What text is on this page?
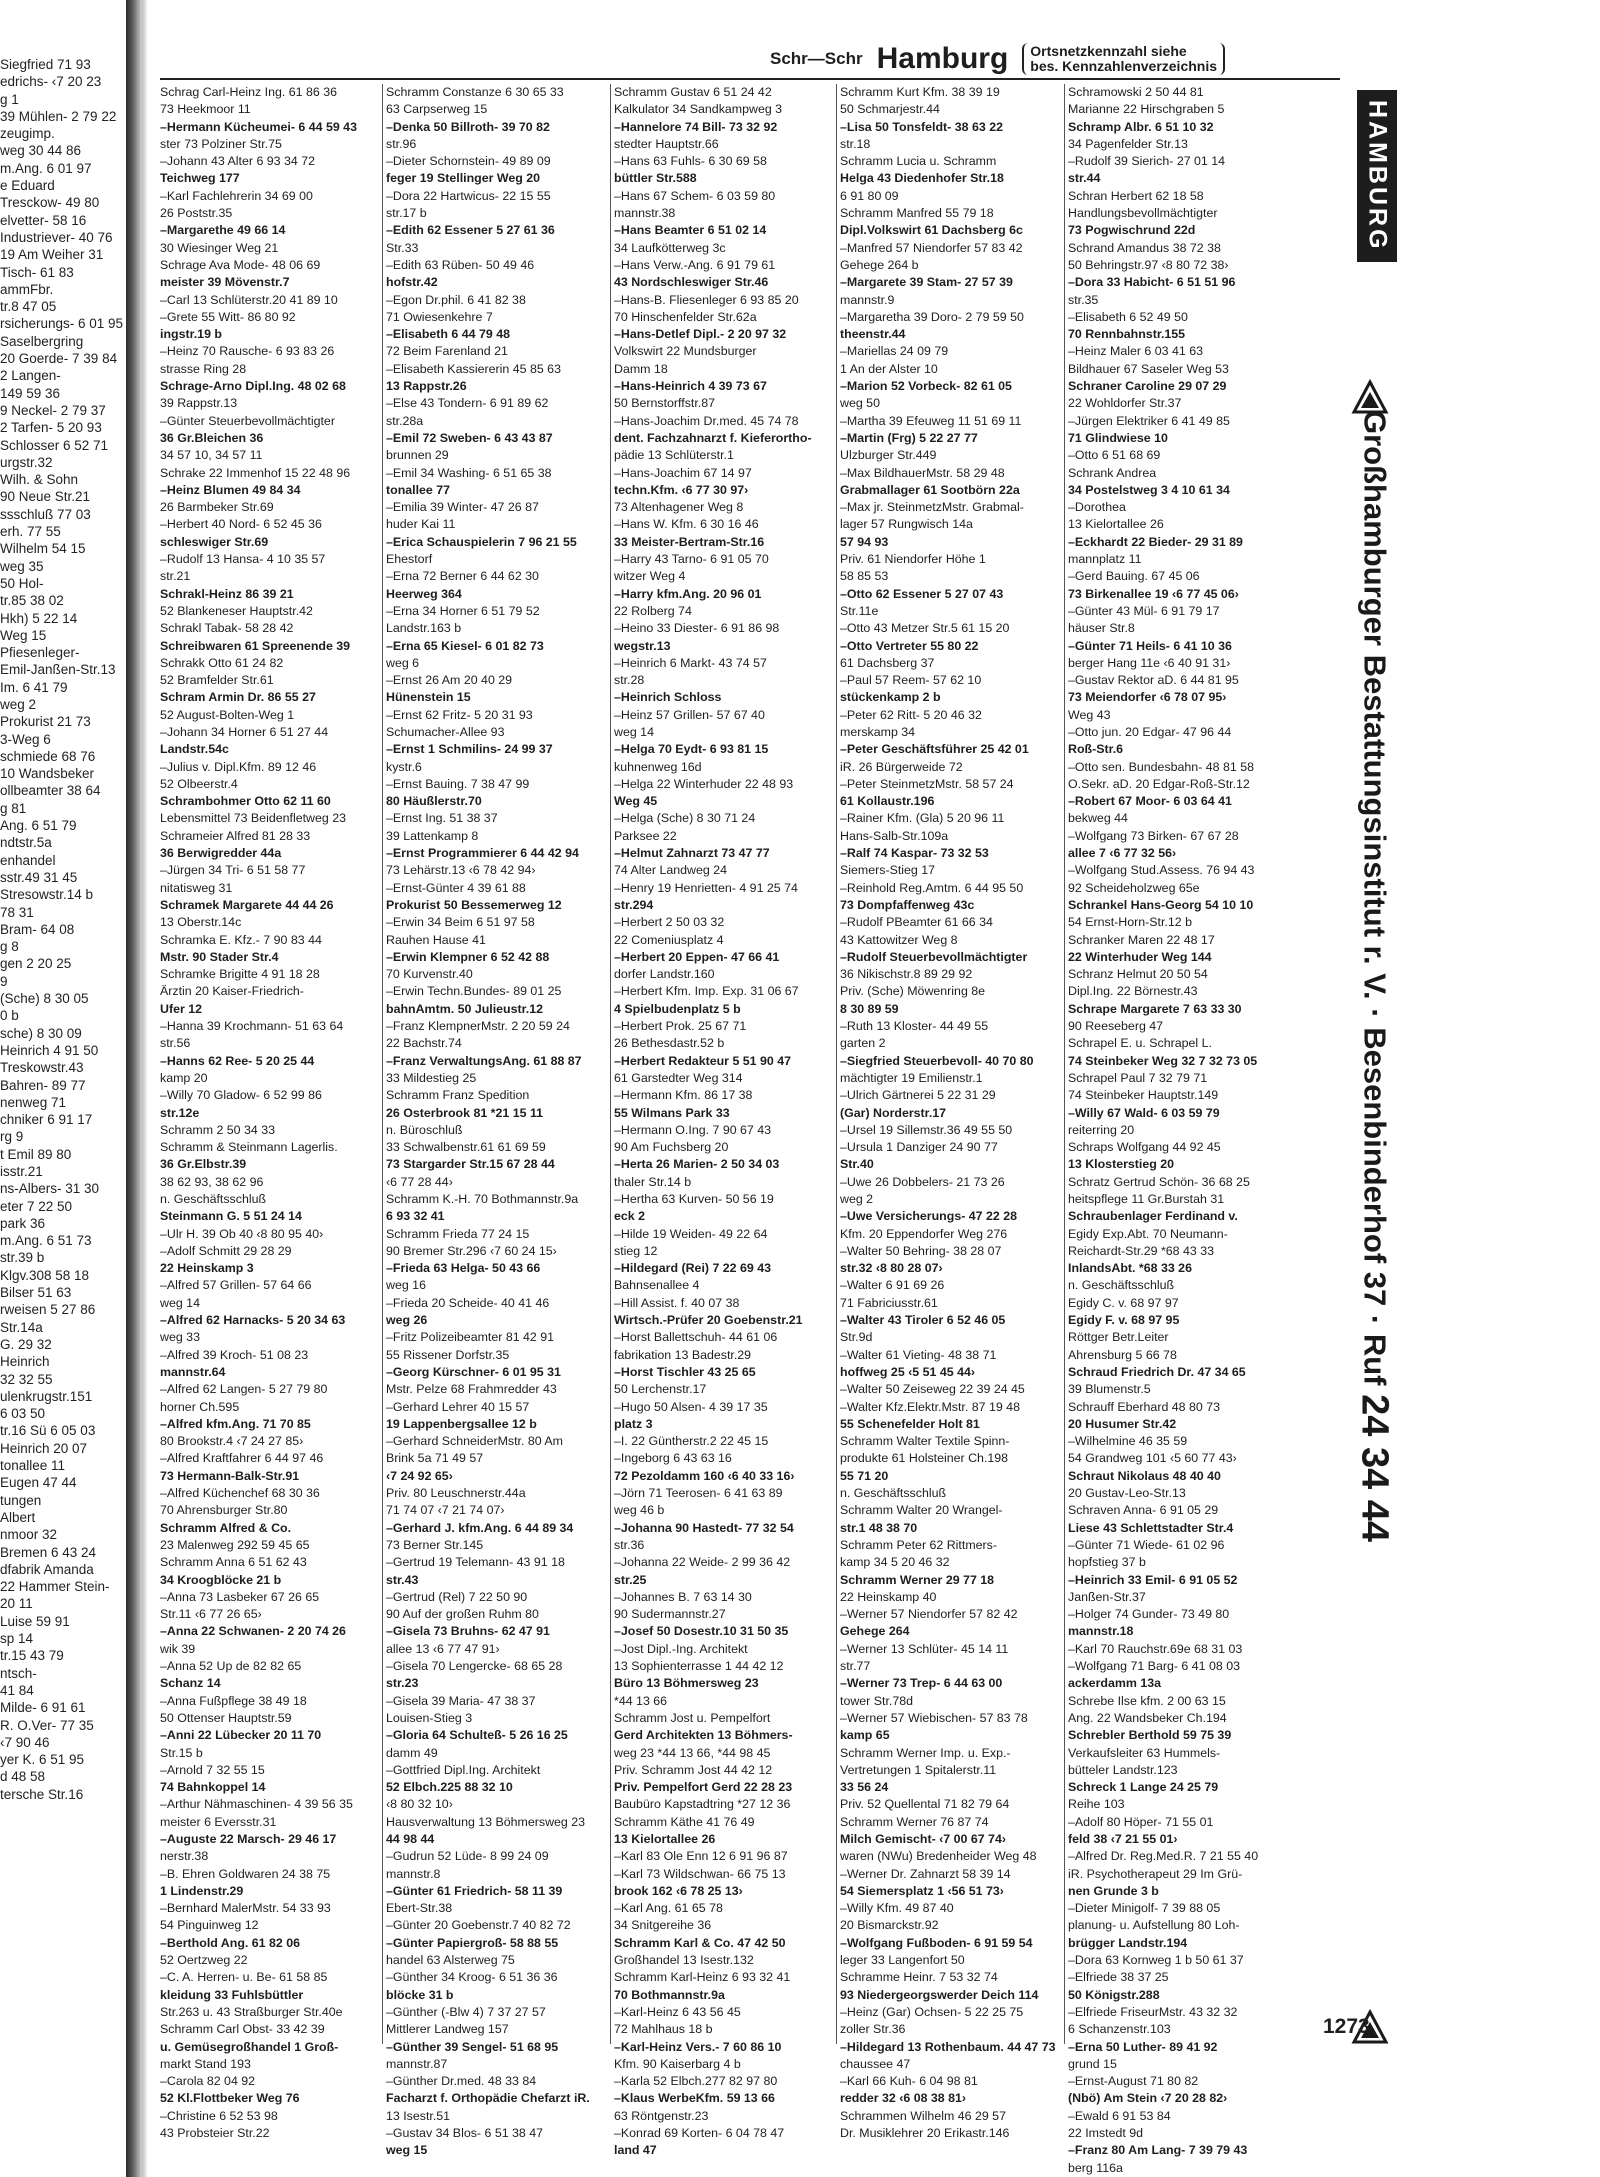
Siegfried 71 93
edrichs- ‹7 20 23
g 1
39 Mühlen- 2 79 22
zeugimp.
weg 30 44 86
m.Ang. 6 01 97
e Eduard
Tresckow- 49 80
elvetter- 58 16
Industriever- 40 76
19 Am Weiher 31
Tisch- 61 83
ammFbr.
tr.8 47 05
rsicherungs- 6 01 95
Saselbergring
20 Goerde- 7 39 84
2 Langen-
149 59 36
9 Neckel- 2 79 37
2 Tarfen- 5 20 93
Schlosser 6 52 71
urgstr.32
Wilh. & Sohn
90 Neue Str.21
ssschluß 77 03
erh. 77 55
Wilhelm 54 15
weg 35
50 Hol-
tr.85 38 02
Hkh) 5 22 14
Weg 15
Pfiesenleger-
Emil-Janßen-Str.13
Im. 6 41 79
weg 2
Prokurist 21 73
3-Weg 6
schmiede 68 76
10 Wandsbeker
ollbeamter 38 64
g 81
Ang. 6 51 79
ndtstr.5a
enhandel
sstr.49 31 45
Stresowstr.14 b
78 31
Bram- 64 08
g 8
gen 2 20 25
9
(Sche) 8 30 05
0 b
sche) 8 30 09
Heinrich 4 91 50
Treskowstr.43
Bahren- 89 77
nenweg 71
chniker 6 91 17
rg 9
t Emil 89 80
isstr.21
ns-Albers- 31 30
eter 7 22 50
park 36
m.Ang. 6 51 73
str.39 b
Klgv.308 58 18
Bilser 51 63
rweisen 5 27 86
Str.14a
G. 29 32
Heinrich
32 32 55
ulenkrugstr.151
6 03 50
tr.16 Sü 6 05 03
Heinrich 20 07
tonallee 11
Eugen 47 44
tungen
Albert
nmoor 32
Bremen 6 43 24
dfabrik Amanda
22 Hammer Stein-
20 11
Luise 59 91
sp 14
tr.15 43 79
ntsch-
41 84
Milde- 6 91 61
R. O.Ver- 77 35
‹7 90 46
yer K. 6 51 95
d 48 58
tersche Str.16
Schr—Schr Hamburg	Ortsnetzkennzahl siehe
bes. Kennzahlenverzeichnis
Schrag Carl-Heinz Ing. 61 86 36
73 Heekmoor 11
–Hermann Kücheumei- 6 44 59 43
ster 73 Polziner Str.75
–Johann 43 Alter 6 93 34 72
Teichweg 177
–Karl Fachlehrerin 34 69 00
26 Poststr.35
–Margarethe 49 66 14
30 Wiesinger Weg 21
Schrage Ava Mode- 48 06 69
meister 39 Mövenstr.7
–Carl 13 Schlüterstr.20 41 89 10
–Grete 55 Witt- 86 80 92
ingstr.19 b
–Heinz 70 Rausche- 6 93 83 26
strasse Ring 28
Schrage-Arno Dipl.Ing. 48 02 68
39 Rappstr.13
–Günter Steuerbevollmächtigter
36 Gr.Bleichen 36
34 57 10, 34 57 11
Schrake 22 Immenhof 15 22 48 96
–Heinz Blumen 49 84 34
26 Barmbeker Str.69
–Herbert 40 Nord- 6 52 45 36
schleswiger Str.69
–Rudolf 13 Hansa- 4 10 35 57
str.21
Schrakl-Heinz 86 39 21
52 Blankeneser Hauptstr.42
Schrakl Tabak- 58 28 42
Schreibwaren 61 Spreenende 39
Schrakk Otto 61 24 82
52 Bramfelder Str.61
Schram Armin Dr. 86 55 27
52 August-Bolten-Weg 1
–Johann 34 Horner 6 51 27 44
Landstr.54c
–Julius v. Dipl.Kfm. 89 12 46
52 Olbeerstr.4
Schrambohmer Otto 62 11 60
Lebensmittel 73 Beidenfletweg 23
Schrameier Alfred 81 28 33
36 Berwigredder 44a
–Jürgen 34 Tri- 6 51 58 77
nitatisweg 31
Schramek Margarete 44 44 26
13 Oberstr.14c
Schramka E. Kfz.- 7 90 83 44
Mstr. 90 Stader Str.4
Schramke Brigitte 4 91 18 28
Ärztin 20 Kaiser-Friedrich-
Ufer 12
–Hanna 39 Krochmann- 51 63 64
str.56
–Hanns 62 Ree- 5 20 25 44
kamp 20
–Willy 70 Gladow- 6 52 99 86
str.12e
Schramm 2 50 34 33
Schramm & Steinmann Lagerlis.
36 Gr.Elbstr.39
38 62 93, 38 62 96
n. Geschäftsschluß
Steinmann G. 5 51 24 14
–Ulr H. 39 Ob 40 ‹8 80 95 40›
–Adolf Schmitt 29 28 29
22 Heinskamp 3
–Alfred 57 Grillen- 57 64 66
weg 14
–Alfred 62 Harnacks- 5 20 34 63
weg 33
–Alfred 39 Kroch- 51 08 23
mannstr.64
–Alfred 62 Langen- 5 27 79 80
horner Ch.595
–Alfred kfm.Ang. 71 70 85
80 Brookstr.4 ‹7 24 27 85›
–Alfred Kraftfahrer 6 44 97 46
73 Hermann-Balk-Str.91
–Alfred Küchenchef 68 30 36
70 Ahrensburger Str.80
Schramm Alfred & Co.
23 Malenweg 292 59 45 65
Schramm Anna 6 51 62 43
34 Kroogblöcke 21 b
–Anna 73 Lasbeker 67 26 65
Str.11 ‹6 77 26 65›
–Anna 22 Schwanen- 2 20 74 26
wik 39
–Anna 52 Up de 82 82 65
Schanz 14
–Anna Fußpflege 38 49 18
50 Ottenser Hauptstr.59
–Anni 22 Lübecker 20 11 70
Str.15 b
–Arnold 7 32 55 15
74 Bahnkoppel 14
–Arthur Nähmaschinen- 4 39 56 35
meister 6 Eversstr.31
–Auguste 22 Marsch- 29 46 17
nerstr.38
–B. Ehren Goldwaren 24 38 75
1 Lindenstr.29
–Bernhard MalerMstr. 54 33 93
54 Pinguinweg 12
–Berthold Ang. 61 82 06
52 Oertzweg 22
–C. A. Herren- u. Be- 61 58 85
kleidung 33 Fuhlsbüttler
Str.263 u. 43 Straßburger Str.40e
Schramm Carl Obst- 33 42 39
u. Gemüsegroßhandel 1 Groß-
markt Stand 193
–Carola 82 04 92
52 Kl.Flottbeker Weg 76
–Christine 6 52 53 98
43 Probsteier Str.22
Schramm Constanze 6 30 65 33
63 Carpserweg 15
–Denka 50 Billroth- 39 70 82
str.96
–Dieter Schornstein- 49 89 09
feger 19 Stellinger Weg 20
–Dora 22 Hartwicus- 22 15 55
str.17 b
–Edith 62 Essener 5 27 61 36
Str.33
–Edith 63 Rüben- 50 49 46
hofstr.42
–Egon Dr.phil. 6 41 82 38
71 Owiesenkehre 7
–Elisabeth 6 44 79 48
72 Beim Farenland 21
–Elisabeth Kassiererin 45 85 63
13 Rappstr.26
–Else 43 Tondern- 6 91 89 62
str.28a
–Emil 72 Sweben- 6 43 43 87
brunnen 29
–Emil 34 Washing- 6 51 65 38
tonallee 77
–Emilia 39 Winter- 47 26 87
huder Kai 11
–Erica Schauspielerin 7 96 21 55
Ehestorf
–Erna 72 Berner 6 44 62 30
Heerweg 364
–Erna 34 Horner 6 51 79 52
Landstr.163 b
–Erna 65 Kiesel- 6 01 82 73
weg 6
–Ernst 26 Am 20 40 29
Hünenstein 15
–Ernst 62 Fritz- 5 20 31 93
Schumacher-Allee 93
–Ernst 1 Schmilins- 24 99 37
kystr.6
–Ernst Bauing. 7 38 47 99
80 Häußlerstr.70
–Ernst Ing. 51 38 37
39 Lattenkamp 8
–Ernst Programmierer 6 44 42 94
73 Lehärstr.13 ‹6 78 42 94›
–Ernst-Günter 4 39 61 88
Prokurist 50 Bessemerweg 12
–Erwin 34 Beim 6 51 97 58
Rauhen Hause 41
–Erwin Klempner 6 52 42 88
70 Kurvenstr.40
–Erwin Techn.Bundes- 89 01 25
bahnAmtm. 50 Julieustr.12
–Franz KlempnerMstr. 2 20 59 24
22 Bachstr.74
–Franz VerwaltungsAng. 61 88 87
33 Mildestieg 25
Schramm Franz Spedition
26 Osterbrook 81 *21 15 11
n. Büroschluß
33 Schwalbenstr.61 61 69 59
73 Stargarder Str.15 67 28 44
‹6 77 28 44›
Schramm K.-H. 70 Bothmannstr.9a
6 93 32 41
Schramm Frieda 77 24 15
90 Bremer Str.296 ‹7 60 24 15›
–Frieda 63 Helga- 50 43 66
weg 16
–Frieda 20 Scheide- 40 41 46
weg 26
–Fritz Polizeibeamter 81 42 91
55 Rissener Dorfstr.35
–Georg Kürschner- 6 01 95 31
Mstr. Pelze 68 Frahmredder 43
–Gerhard Lehrer 40 15 57
19 Lappenbergsallee 12 b
–Gerhard SchneiderMstr. 80 Am
Brink 5a 71 49 57
‹7 24 92 65›
Priv. 80 Leuschnerstr.44a
71 74 07 ‹7 21 74 07›
–Gerhard J. kfm.Ang. 6 44 89 34
73 Berner Str.145
–Gertrud 19 Telemann- 43 91 18
str.43
–Gertrud (Rel) 7 22 50 90
90 Auf der großen Ruhm 80
–Gisela 73 Bruhns- 62 47 91
allee 13 ‹6 77 47 91›
–Gisela 70 Lengercke- 68 65 28
str.23
–Gisela 39 Maria- 47 38 37
Louisen-Stieg 3
–Gloria 64 Schulteß- 5 26 16 25
damm 49
–Gottfried Dipl.Ing. Architekt
52 Elbch.225 88 32 10
‹8 80 32 10›
Hausverwaltung 13 Böhmersweg 23
44 98 44
–Gudrun 52 Lüde- 8 99 24 09
mannstr.8
–Günter 61 Friedrich- 58 11 39
Ebert-Str.38
–Günter 20 Goebenstr.7 40 82 72
–Günter Papiergroß- 58 88 55
handel 63 Alsterweg 75
–Günther 34 Kroog- 6 51 36 36
blöcke 31 b
–Günther (-Blw 4) 7 37 27 57
Mittlerer Landweg 157
–Günther 39 Sengel- 51 68 95
mannstr.87
–Günther Dr.med. 48 33 84
Facharzt f. Orthopädie Chefarzt iR.
13 Isestr.51
–Gustav 34 Blos- 6 51 38 47
weg 15
Schramm Gustav 6 51 24 42
Kalkulator 34 Sandkampweg 3
–Hannelore 74 Bill- 73 32 92
stedter Hauptstr.66
–Hans 63 Fuhls- 6 30 69 58
büttler Str.588
–Hans 67 Schem- 6 03 59 80
mannstr.38
–Hans Beamter 6 51 02 14
34 Laufkötterweg 3c
–Hans Verw.-Ang. 6 91 79 61
43 Nordschleswiger Str.46
–Hans-B. Fliesenleger 6 93 85 20
70 Hinschenfelder Str.62a
–Hans-Detlef Dipl.- 2 20 97 32
Volkswirt 22 Mundsburger
Damm 18
–Hans-Heinrich 4 39 73 67
50 Bernstorffstr.87
–Hans-Joachim Dr.med. 45 74 78
dent. Fachzahnarzt f. Kieferortho-
pädie 13 Schlüterstr.1
–Hans-Joachim 67 14 97
techn.Kfm. ‹6 77 30 97›
73 Altenhagener Weg 8
–Hans W. Kfm. 6 30 16 46
33 Meister-Bertram-Str.16
–Harry 43 Tarno- 6 91 05 70
witzer Weg 4
–Harry kfm.Ang. 20 96 01
22 Rolberg 74
–Heino 33 Diester- 6 91 86 98
wegstr.13
–Heinrich 6 Markt- 43 74 57
str.28
–Heinrich Schloss
–Heinz 57 Grillen- 57 67 40
weg 14
–Helga 70 Eydt- 6 93 81 15
kuhnenweg 16d
–Helga 22 Winterhuder 22 48 93
Weg 45
–Helga (Sche) 8 30 71 24
Parksee 22
–Helmut Zahnarzt 73 47 77
74 Alter Landweg 24
–Henry 19 Henrietten- 4 91 25 74
str.294
–Herbert 2 50 03 32
22 Comeniusplatz 4
–Herbert 20 Eppen- 47 66 41
dorfer Landstr.160
–Herbert Kfm. Imp. Exp. 31 06 67
4 Spielbudenplatz 5 b
–Herbert Prok. 25 67 71
26 Bethesdastr.52 b
–Herbert Redakteur 5 51 90 47
61 Garstedter Weg 314
–Hermann Kfm. 86 17 38
55 Wilmans Park 33
–Hermann O.Ing. 7 90 67 43
90 Am Fuchsberg 20
–Herta 26 Marien- 2 50 34 03
thaler Str.14 b
–Hertha 63 Kurven- 50 56 19
eck 2
–Hilde 19 Weiden- 49 22 64
stieg 12
–Hildegard (Rei) 7 22 69 43
Bahnsenallee 4
–Hill Assist. f. 40 07 38
Wirtsch.-Prüfer 20 Goebenstr.21
–Horst Ballettschuh- 44 61 06
fabrikation 13 Badestr.29
–Horst Tischler 43 25 65
50 Lerchenstr.17
–Hugo 50 Alsen- 4 39 17 35
platz 3
–I. 22 Güntherstr.2 22 45 15
–Ingeborg 6 43 63 16
72 Pezoldamm 160 ‹6 40 33 16›
–Jörn 71 Teerosen- 6 41 63 89
weg 46 b
–Johanna 90 Hastedt- 77 32 54
str.36
–Johanna 22 Weide- 2 99 36 42
str.25
–Johannes B. 7 63 14 30
90 Sudermannstr.27
–Josef 50 Dosestr.10 31 50 35
–Jost Dipl.-Ing. Architekt
13 Sophienterrasse 1 44 42 12
Büro 13 Böhmersweg 23
*44 13 66
Schramm Jost u. Pempelfort
Gerd Architekten 13 Böhmers-
weg 23 *44 13 66, *44 98 45
Priv. Schramm Jost 44 42 12
Priv. Pempelfort Gerd 22 28 23
Baubüro Kapstadtring *27 12 36
Schramm Käthe 41 76 49
13 Kielortallee 26
–Karl 83 Ole Enn 12 6 91 96 87
–Karl 73 Wildschwan- 66 75 13
brook 162 ‹6 78 25 13›
–Karl Ang. 61 65 78
34 Snitgereihe 36
Schramm Karl & Co. 47 42 50
Großhandel 13 Isestr.132
Schramm Karl-Heinz 6 93 32 41
70 Bothmannstr.9a
–Karl-Heinz 6 43 56 45
72 Mahlhaus 18 b
–Karl-Heinz Vers.- 7 60 86 10
Kfm. 90 Kaiserbarg 4 b
–Karla 52 Elbch.277 82 97 80
–Klaus WerbeKfm. 59 13 66
63 Röntgenstr.23
–Konrad 69 Korten- 6 04 78 47
land 47
Schramm Kurt Kfm. 38 39 19
50 Schmarjestr.44
–Lisa 50 Tonsfeldt- 38 63 22
str.18
Schramm Lucia u. Schramm
Helga 43 Diedenhofer Str.18
6 91 80 09
Schramm Manfred 55 79 18
Dipl.Volkswirt 61 Dachsberg 6c
–Manfred 57 Niendorfer 57 83 42
Gehege 264 b
–Margarete 39 Stam- 27 57 39
mannstr.9
–Margaretha 39 Doro- 2 79 59 50
theenstr.44
–Mariellas 24 09 79
1 An der Alster 10
–Marion 52 Vorbeck- 82 61 05
weg 50
–Martha 39 Efeuweg 11 51 69 11
–Martin (Frg) 5 22 27 77
Ulzburger Str.449
–Max BildhauerMstr. 58 29 48
Grabmallager 61 Sootbörn 22a
–Max jr. SteinmetzMstr. Grabmal-
lager 57 Rungwisch 14a
57 94 93
Priv. 61 Niendorfer Höhe 1
58 85 53
–Otto 62 Essener 5 27 07 43
Str.11e
–Otto 43 Metzer Str.5 61 15 20
–Otto Vertreter 55 80 22
61 Dachsberg 37
–Paul 57 Reem- 57 62 10
stückenkamp 2 b
–Peter 62 Ritt- 5 20 46 32
merskamp 34
–Peter Geschäftsführer 25 42 01
iR. 26 Bürgerweide 72
–Peter SteinmetzMstr. 58 57 24
61 Kollaustr.196
–Rainer Kfm. (Gla) 5 20 96 11
Hans-Salb-Str.109a
–Ralf 74 Kaspar- 73 32 53
Siemers-Stieg 17
–Reinhold Reg.Amtm. 6 44 95 50
73 Dompfaffenweg 43c
–Rudolf PBeamter 61 66 34
43 Kattowitzer Weg 8
–Rudolf Steuerbevollmächtigter
36 Nikischstr.8 89 29 92
Priv. (Sche) Möwenring 8e
8 30 89 59
–Ruth 13 Kloster- 44 49 55
garten 2
–Siegfried Steuerbevoll- 40 70 80
mächtigter 19 Emilienstr.1
–Ulrich Gärtnerei 5 22 31 29
(Gar) Norderstr.17
–Ursel 19 Sillemstr.36 49 55 50
–Ursula 1 Danziger 24 90 77
Str.40
–Uwe 26 Dobbelers- 21 73 26
weg 2
–Uwe Versicherungs- 47 22 28
Kfm. 20 Eppendorfer Weg 276
–Walter 50 Behring- 38 28 07
str.32 ‹8 80 28 07›
–Walter 6 91 69 26
71 Fabriciusstr.61
–Walter 43 Tiroler 6 52 46 05
Str.9d
–Walter 61 Vieting- 48 38 71
hoffweg 25 ‹5 51 45 44›
–Walter 50 Zeiseweg 22 39 24 45
–Walter Kfz.Elektr.Mstr. 87 19 48
55 Schenefelder Holt 81
Schramm Walter Textile Spinn-
produkte 61 Holsteiner Ch.198
55 71 20
n. Geschäftsschluß
Schramm Walter 20 Wrangel-
str.1 48 38 70
Schramm Peter 62 Rittmers-
kamp 34 5 20 46 32
Schramm Werner 29 77 18
22 Heinskamp 40
–Werner 57 Niendorfer 57 82 42
Gehege 264
–Werner 13 Schlüter- 45 14 11
str.77
–Werner 73 Trep- 6 44 63 00
tower Str.78d
–Werner 57 Wiebischen- 57 83 78
kamp 65
Schramm Werner Imp. u. Exp.-
Vertretungen 1 Spitalerstr.11
33 56 24
Priv. 52 Quellental 71 82 79 64
Schramm Werner 76 87 74
Milch Gemischt- ‹7 00 67 74›
waren (NWu) Bredenheider Weg 48
–Werner Dr. Zahnarzt 58 39 14
54 Siemersplatz 1 ‹56 51 73›
–Willy Kfm. 49 87 40
20 Bismarckstr.92
–Wolfgang Fußboden- 6 91 59 54
leger 33 Langenfort 50
Schramme Heinr. 7 53 32 74
93 Niedergeorgswerder Deich 114
–Heinz (Gar) Ochsen- 5 22 25 75
zoller Str.36
–Hildegard 13 Rothenbaum. 44 47 73
chaussee 47
–Karl 66 Kuh- 6 04 98 81
redder 32 ‹6 08 38 81›
Schrammen Wilhelm 46 29 57
Dr. Musiklehrer 20 Erikastr.146
Schramowski 2 50 44 81
Marianne 22 Hirschgraben 5
Schramp Albr. 6 51 10 32
34 Pagenfelder Str.13
–Rudolf 39 Sierich- 27 01 14
str.44
Schran Herbert 62 18 58
Handlungsbevollmächtigter
73 Pogwischrund 22d
Schrand Amandus 38 72 38
50 Behringstr.97 ‹8 80 72 38›
–Dora 33 Habicht- 6 51 51 96
str.35
–Elisabeth 6 52 49 50
70 Rennbahnstr.155
–Heinz Maler 6 03 41 63
Bildhauer 67 Saseler Weg 53
Schraner Caroline 29 07 29
22 Wohldorfer Str.37
–Jürgen Elektriker 6 41 49 85
71 Glindwiese 10
–Otto 6 51 68 69
Schrank Andrea
34 Postelstweg 3 4 10 61 34
–Dorothea
13 Kielortallee 26
–Eckhardt 22 Bieder- 29 31 89
mannplatz 11
–Gerd Bauing. 67 45 06
73 Birkenallee 19 ‹6 77 45 06›
–Günter 43 Mül- 6 91 79 17
häuser Str.8
–Günter 71 Heils- 6 41 10 36
berger Hang 11e ‹6 40 91 31›
–Gustav Rektor aD. 6 44 81 95
73 Meiendorfer ‹6 78 07 95›
Weg 43
–Otto jun. 20 Edgar- 47 96 44
Roß-Str.6
–Otto sen. Bundesbahn- 48 81 58
O.Sekr. aD. 20 Edgar-Roß-Str.12
–Robert 67 Moor- 6 03 64 41
bekweg 44
–Wolfgang 73 Birken- 67 67 28
allee 7 ‹6 77 32 56›
–Wolfgang Stud.Assess. 76 94 43
92 Scheideholzweg 65e
Schrankel Hans-Georg 54 10 10
54 Ernst-Horn-Str.12 b
Schranker Maren 22 48 17
22 Winterhuder Weg 144
Schranz Helmut 20 50 54
Dipl.Ing. 22 Börnestr.43
Schrape Margarete 7 63 33 30
90 Reeseberg 47
Schrapel E. u. Schrapel L.
74 Steinbeker Weg 32 7 32 73 05
Schrapel Paul 7 32 79 71
74 Steinbeker Hauptstr.149
–Willy 67 Wald- 6 03 59 79
reiterring 20
Schraps Wolfgang 44 92 45
13 Klosterstieg 20
Schratz Gertrud Schön- 36 68 25
heitspflege 11 Gr.Burstah 31
Schraubenlager Ferdinand v.
Egidy Exp.Abt. 70 Neumann-
Reichardt-Str.29 *68 43 33
InlandsAbt. *68 33 26
n. Geschäftsschluß
Egidy C. v. 68 97 97
Egidy F. v. 68 97 95
Röttger Betr.Leiter
Ahrensburg 5 66 78
Schraud Friedrich Dr. 47 34 65
39 Blumenstr.5
Schrauff Eberhard 48 80 73
20 Husumer Str.42
–Wilhelmine 46 35 59
54 Grandweg 101 ‹5 60 77 43›
Schraut Nikolaus 48 40 40
20 Gustav-Leo-Str.13
Schraven Anna- 6 91 05 29
Liese 43 Schlettstadter Str.4
–Günter 71 Wiede- 61 02 96
hopfstieg 37 b
–Heinrich 33 Emil- 6 91 05 52
Janßen-Str.37
–Holger 74 Gunder- 73 49 80
mannstr.18
–Karl 70 Rauchstr.69e 68 31 03
–Wolfgang 71 Barg- 6 41 08 03
ackerdamm 13a
Schrebe Ilse kfm. 2 00 63 15
Ang. 22 Wandsbeker Ch.194
Schrebler Berthold 59 75 39
Verkaufsleiter 63 Hummels-
bütteler Landstr.123
Schreck 1 Lange 24 25 79
Reihe 103
–Adolf 80 Höper- 71 55 01
feld 38 ‹7 21 55 01›
–Alfred Dr. Reg.Med.R. 7 21 55 40
iR. Psychotherapeut 29 Im Grü-
nen Grunde 3 b
–Dieter Minigolf- 7 39 88 05
planung- u. Aufstellung 80 Loh-
brügger Landstr.194
–Dora 63 Kornweg 1 b 50 61 37
–Elfriede 38 37 25
50 Königstr.288
–Elfriede FriseurMstr. 43 32 32
6 Schanzenstr.103
–Erna 50 Luther- 89 41 92
grund 15
–Ernst-August 71 80 82
(Nbö) Am Stein ‹7 20 28 82›
–Ewald 6 91 53 84
22 Imstedt 9d
–Franz 80 Am Lang- 7 39 79 43
berg 116a
HAMBURG
Großhamburger Bestattungsinstitut r. V. · Besenbinderhof 37 · Ruf 24 34 44
1273
